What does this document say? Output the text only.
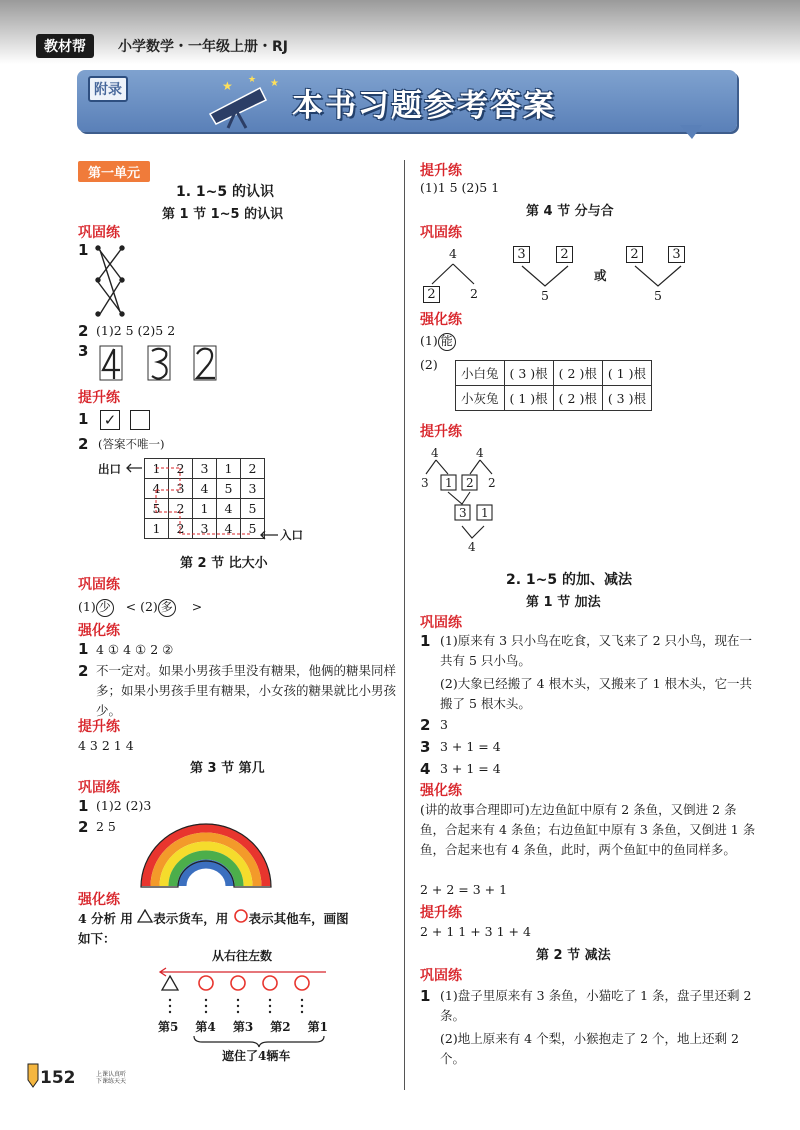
教材帮	小学数学・一年级上册・RJ
附录	★ ★ ★
本书习题参考答案
第一单元
1. 1~5 的认识
第 1 节 1~5 的认识
巩固练
1
2 (1)2 5 (2)5 2
3
提升练
1 ✓
2 (答案不唯一)
出口	1	2	3	1	2
4	3	4	5	3
5	2	1	4	5
1	2	3	4	5 入口
第 2 节 比大小
巩固练
(1) 少 < (2) 多 >
强化练
1 4 ① 4 ① 2 ②
2 不一定对。如果小男孩手里没有糖果，他俩的糖果同样多；如果小男孩手里有糖果，小女孩的糖果就比小男孩少。
提升练
4 3 2 1 4
第 3 节 第几
巩固练
1 (1)2 (2)3
2 2 5
强化练
4 分析 用 表示货车，用 表示其他车，画图
如下：
从右往左数
第5 第4 第3 第2 第1
遮住了4辆车
提升练
(1)1 5 (2)5 1
第 4 节 分与合
巩固练
4
2	2
3	2
5
或
2	3
5
强化练
(1) 能
(2)
小白兔	( 3 )根	( 2 )根	( 1 )根
小灰兔	( 1 )根	( 2 )根	( 3 )根
提升练
4	4
3 1 2 2
3 1
4
2. 1~5 的加、减法
第 1 节 加法
巩固练
1 (1)原来有 3 只小鸟在吃食，又飞来了 2 只小鸟，现在一共有 5 只小鸟。
(2)大象已经搬了 4 根木头，又搬来了 1 根木头，它一共搬了 5 根木头。
2 3
3 3 + 1 = 4
4 3 + 1 = 4
强化练
(讲的故事合理即可)左边鱼缸中原有 2 条鱼，又倒进 2 条鱼，合起来有 4 条鱼；右边鱼缸中原有 3 条鱼，又倒进 1 条鱼，合起来也有 4 条鱼，此时，两个鱼缸中的鱼同样多。
2 + 2 = 3 + 1
提升练
2 + 1 1 + 3 1 + 4
第 2 节 减法
巩固练
1 (1)盘子里原来有 3 条鱼，小猫吃了 1 条，盘子里还剩 2 条。
(2)地上原来有 4 个梨，小猴抱走了 2 个，地上还剩 2 个。
152	上课认真听
下课练天天
